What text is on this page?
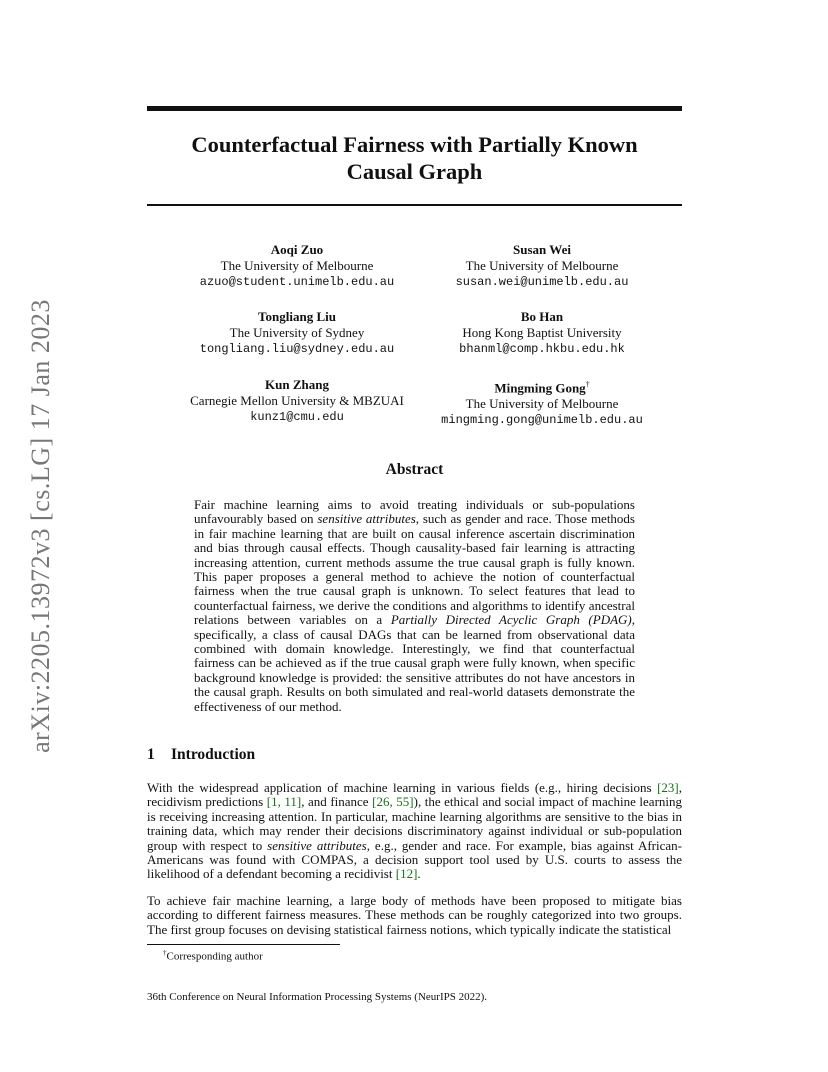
arXiv:2205.13972v3 [cs.LG] 17 Jan 2023
Counterfactual Fairness with Partially Known
Causal Graph
Aoqi Zuo
The University of Melbourne
azuo@student.unimelb.edu.au
Susan Wei
The University of Melbourne
susan.wei@unimelb.edu.au
Tongliang Liu
The University of Sydney
tongliang.liu@sydney.edu.au
Bo Han
Hong Kong Baptist University
bhanml@comp.hkbu.edu.hk
Kun Zhang
Carnegie Mellon University & MBZUAI
kunz1@cmu.edu
Mingming Gong†
The University of Melbourne
mingming.gong@unimelb.edu.au
Abstract

Fair machine learning aims to avoid treating individuals or sub-populations unfavourably based on sensitive attributes, such as gender and race. Those methods in fair machine learning that are built on causal inference ascertain discrimination and bias through causal effects. Though causality-based fair learning is attracting increasing attention, current methods assume the true causal graph is fully known. This paper proposes a general method to achieve the notion of counterfactual fairness when the true causal graph is unknown. To select features that lead to counterfactual fairness, we derive the conditions and algorithms to identify ancestral relations between variables on a Partially Directed Acyclic Graph (PDAG), specifically, a class of causal DAGs that can be learned from observational data combined with domain knowledge. Interestingly, we find that counterfactual fairness can be achieved as if the true causal graph were fully known, when specific background knowledge is provided: the sensitive attributes do not have ancestors in the causal graph. Results on both simulated and real-world datasets demonstrate the effectiveness of our method.

1 Introduction

With the widespread application of machine learning in various fields (e.g., hiring decisions [23], recidivism predictions [1, 11], and finance [26, 55]), the ethical and social impact of machine learning is receiving increasing attention. In particular, machine learning algorithms are sensitive to the bias in training data, which may render their decisions discriminatory against individual or sub-population group with respect to sensitive attributes, e.g., gender and race. For example, bias against African-Americans was found with COMPAS, a decision support tool used by U.S. courts to assess the likelihood of a defendant becoming a recidivist [12].

To achieve fair machine learning, a large body of methods have been proposed to mitigate bias according to different fairness measures. These methods can be roughly categorized into two groups. The first group focuses on devising statistical fairness notions, which typically indicate the statistical

†Corresponding author
36th Conference on Neural Information Processing Systems (NeurIPS 2022).
